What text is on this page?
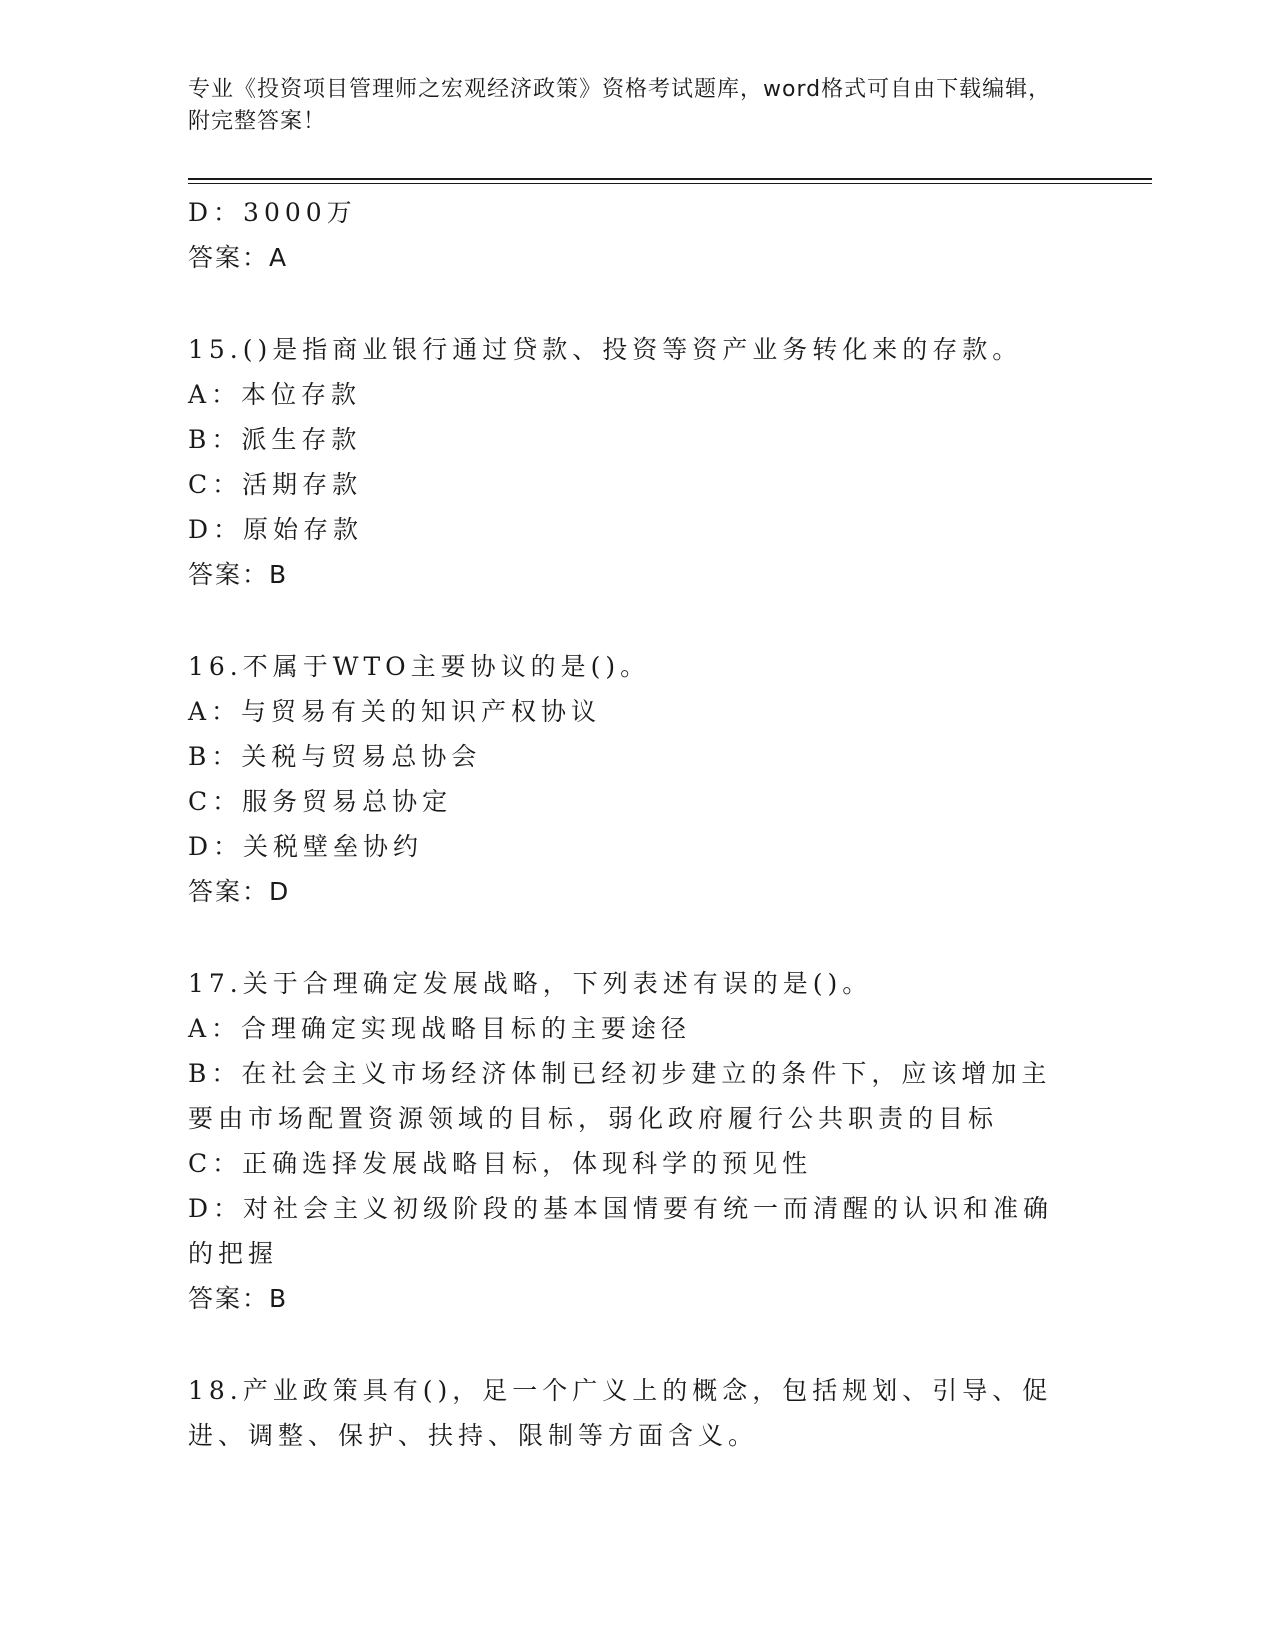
专业《投资项目管理师之宏观经济政策》资格考试题库，word格式可自由下载编辑，附完整答案！
D：3000万
答案：A
15.()是指商业银行通过贷款、投资等资产业务转化来的存款。
A：本位存款
B：派生存款
C：活期存款
D：原始存款
答案：B
16.不属于WTO主要协议的是()。
A：与贸易有关的知识产权协议
B：关税与贸易总协会
C：服务贸易总协定
D：关税壁垒协约
答案：D
17.关于合理确定发展战略，下列表述有误的是()。
A：合理确定实现战略目标的主要途径
B：在社会主义市场经济体制已经初步建立的条件下，应该增加主要由市场配置资源领域的目标，弱化政府履行公共职责的目标
C：正确选择发展战略目标，体现科学的预见性
D：对社会主义初级阶段的基本国情要有统一而清醒的认识和准确的把握
答案：B
18.产业政策具有()，足一个广义上的概念，包括规划、引导、促进、调整、保护、扶持、限制等方面含义。
